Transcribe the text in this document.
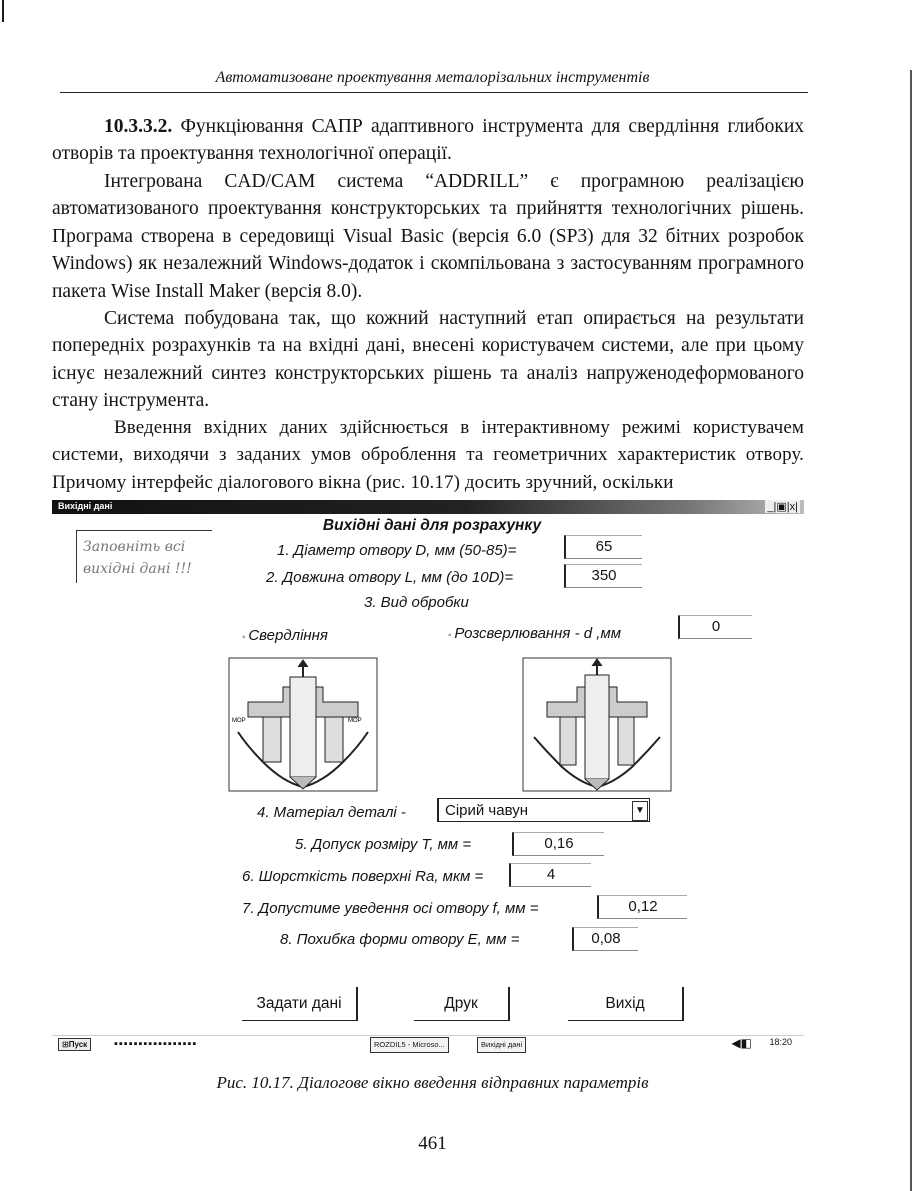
Автоматизоване проектування металорізальних інструментів
10.3.3.2. Функціювання САПР адаптивного інструмента для свердління глибоких отворів та проектування технологічної операції.
Інтегрована CAD/CAM система “ADDRILL” є програмною реалізацією автоматизованого проектування конструкторських та прийняття технологічних рішень. Програма створена в середовищі Visual Basic (версія 6.0 (SP3) для 32 бітних розробок Windows) як незалежний Windows-додаток і скомпільована з застосуванням програмного пакета Wise Install Maker (версія 8.0).
Система побудована так, що кожний наступний етап опирається на результати попередніх розрахунків та на вхідні дані, внесені користувачем системи, але при цьому існує незалежний синтез конструкторських рішень та аналіз напруженодеформованого стану інструмента.
Введення вхідних даних здійснюється в інтерактивному режимі користувачем системи, виходячи з заданих умов оброблення та геометричних характеристик отвору. Причому інтерфейс діалогового вікна (рис. 10.17) досить зручний, оскільки
Вихідні дані	_|▣|x|
Заповніть всі
вихідні дані !!!
Вихідні дані для розрахунку
1. Діаметр отвору D, мм (50-85)=	65
2. Довжина отвору L, мм (до 10D)=	350
3. Вид обробки
◦ Свердління	◦ Розсверлювання - d ,мм	0
МОР	МОР
4. Матеріал деталі -	Сірий чавун	▼
5. Допуск розміру T, мм =	0,16
6. Шорсткість поверхні Ra, мкм =	4
7. Допустиме уведення осі отвору f, мм =	0,12
8. Похибка форми отвору E, мм =	0,08
Задати дані	Друк	Вихід
⊞Пуск	▪▪▪▪▪▪▪▪▪▪▪▪▪▪▪▪▪	ROZDIL5 - Microso...	Вихідні дані	◀◧ 18:20
Рис. 10.17. Діалогове вікно введення відправних параметрів
461
